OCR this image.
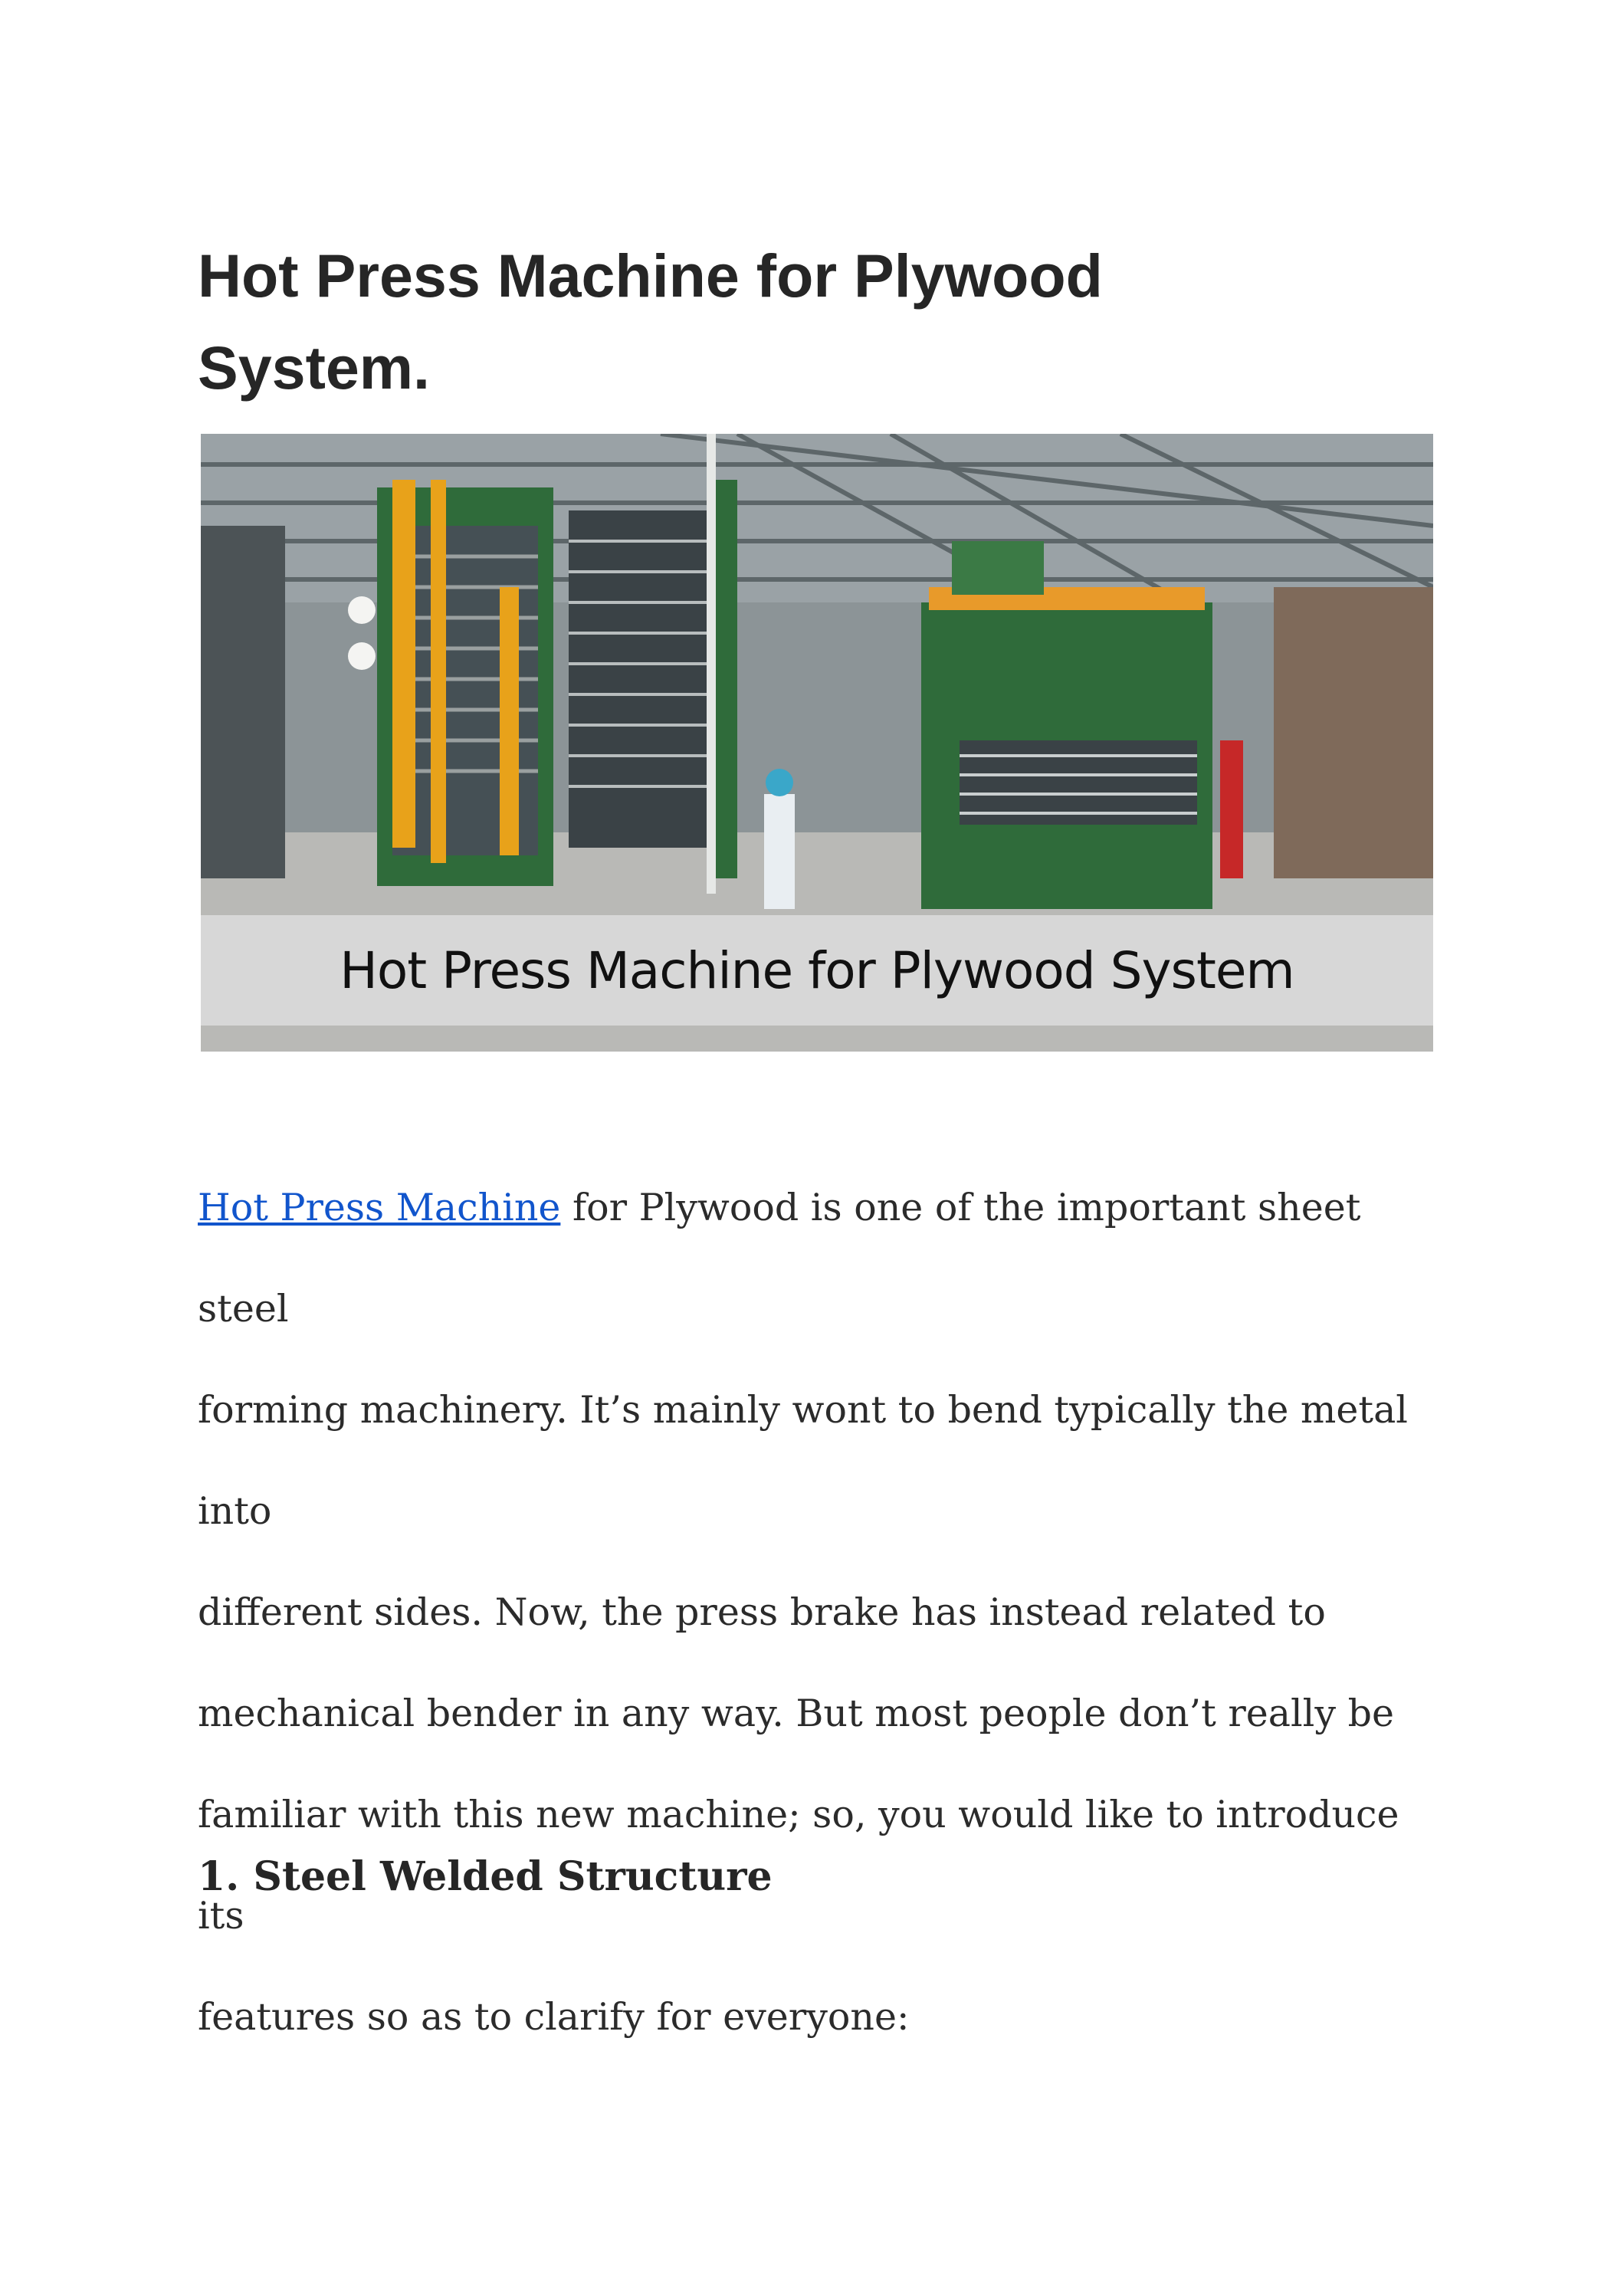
Hot Press Machine for Plywood
System.
Hot Press Machine for Plywood System

Hot Press Machine for Plywood is one of the important sheet steel
forming machinery. It’s mainly wont to bend typically the metal into
different sides. Now, the press brake has instead related to
mechanical bender in any way. But most people don’t really be
familiar with this new machine; so, you would like to introduce its
features so as to clarify for everyone:

1. Steel Welded Structure
